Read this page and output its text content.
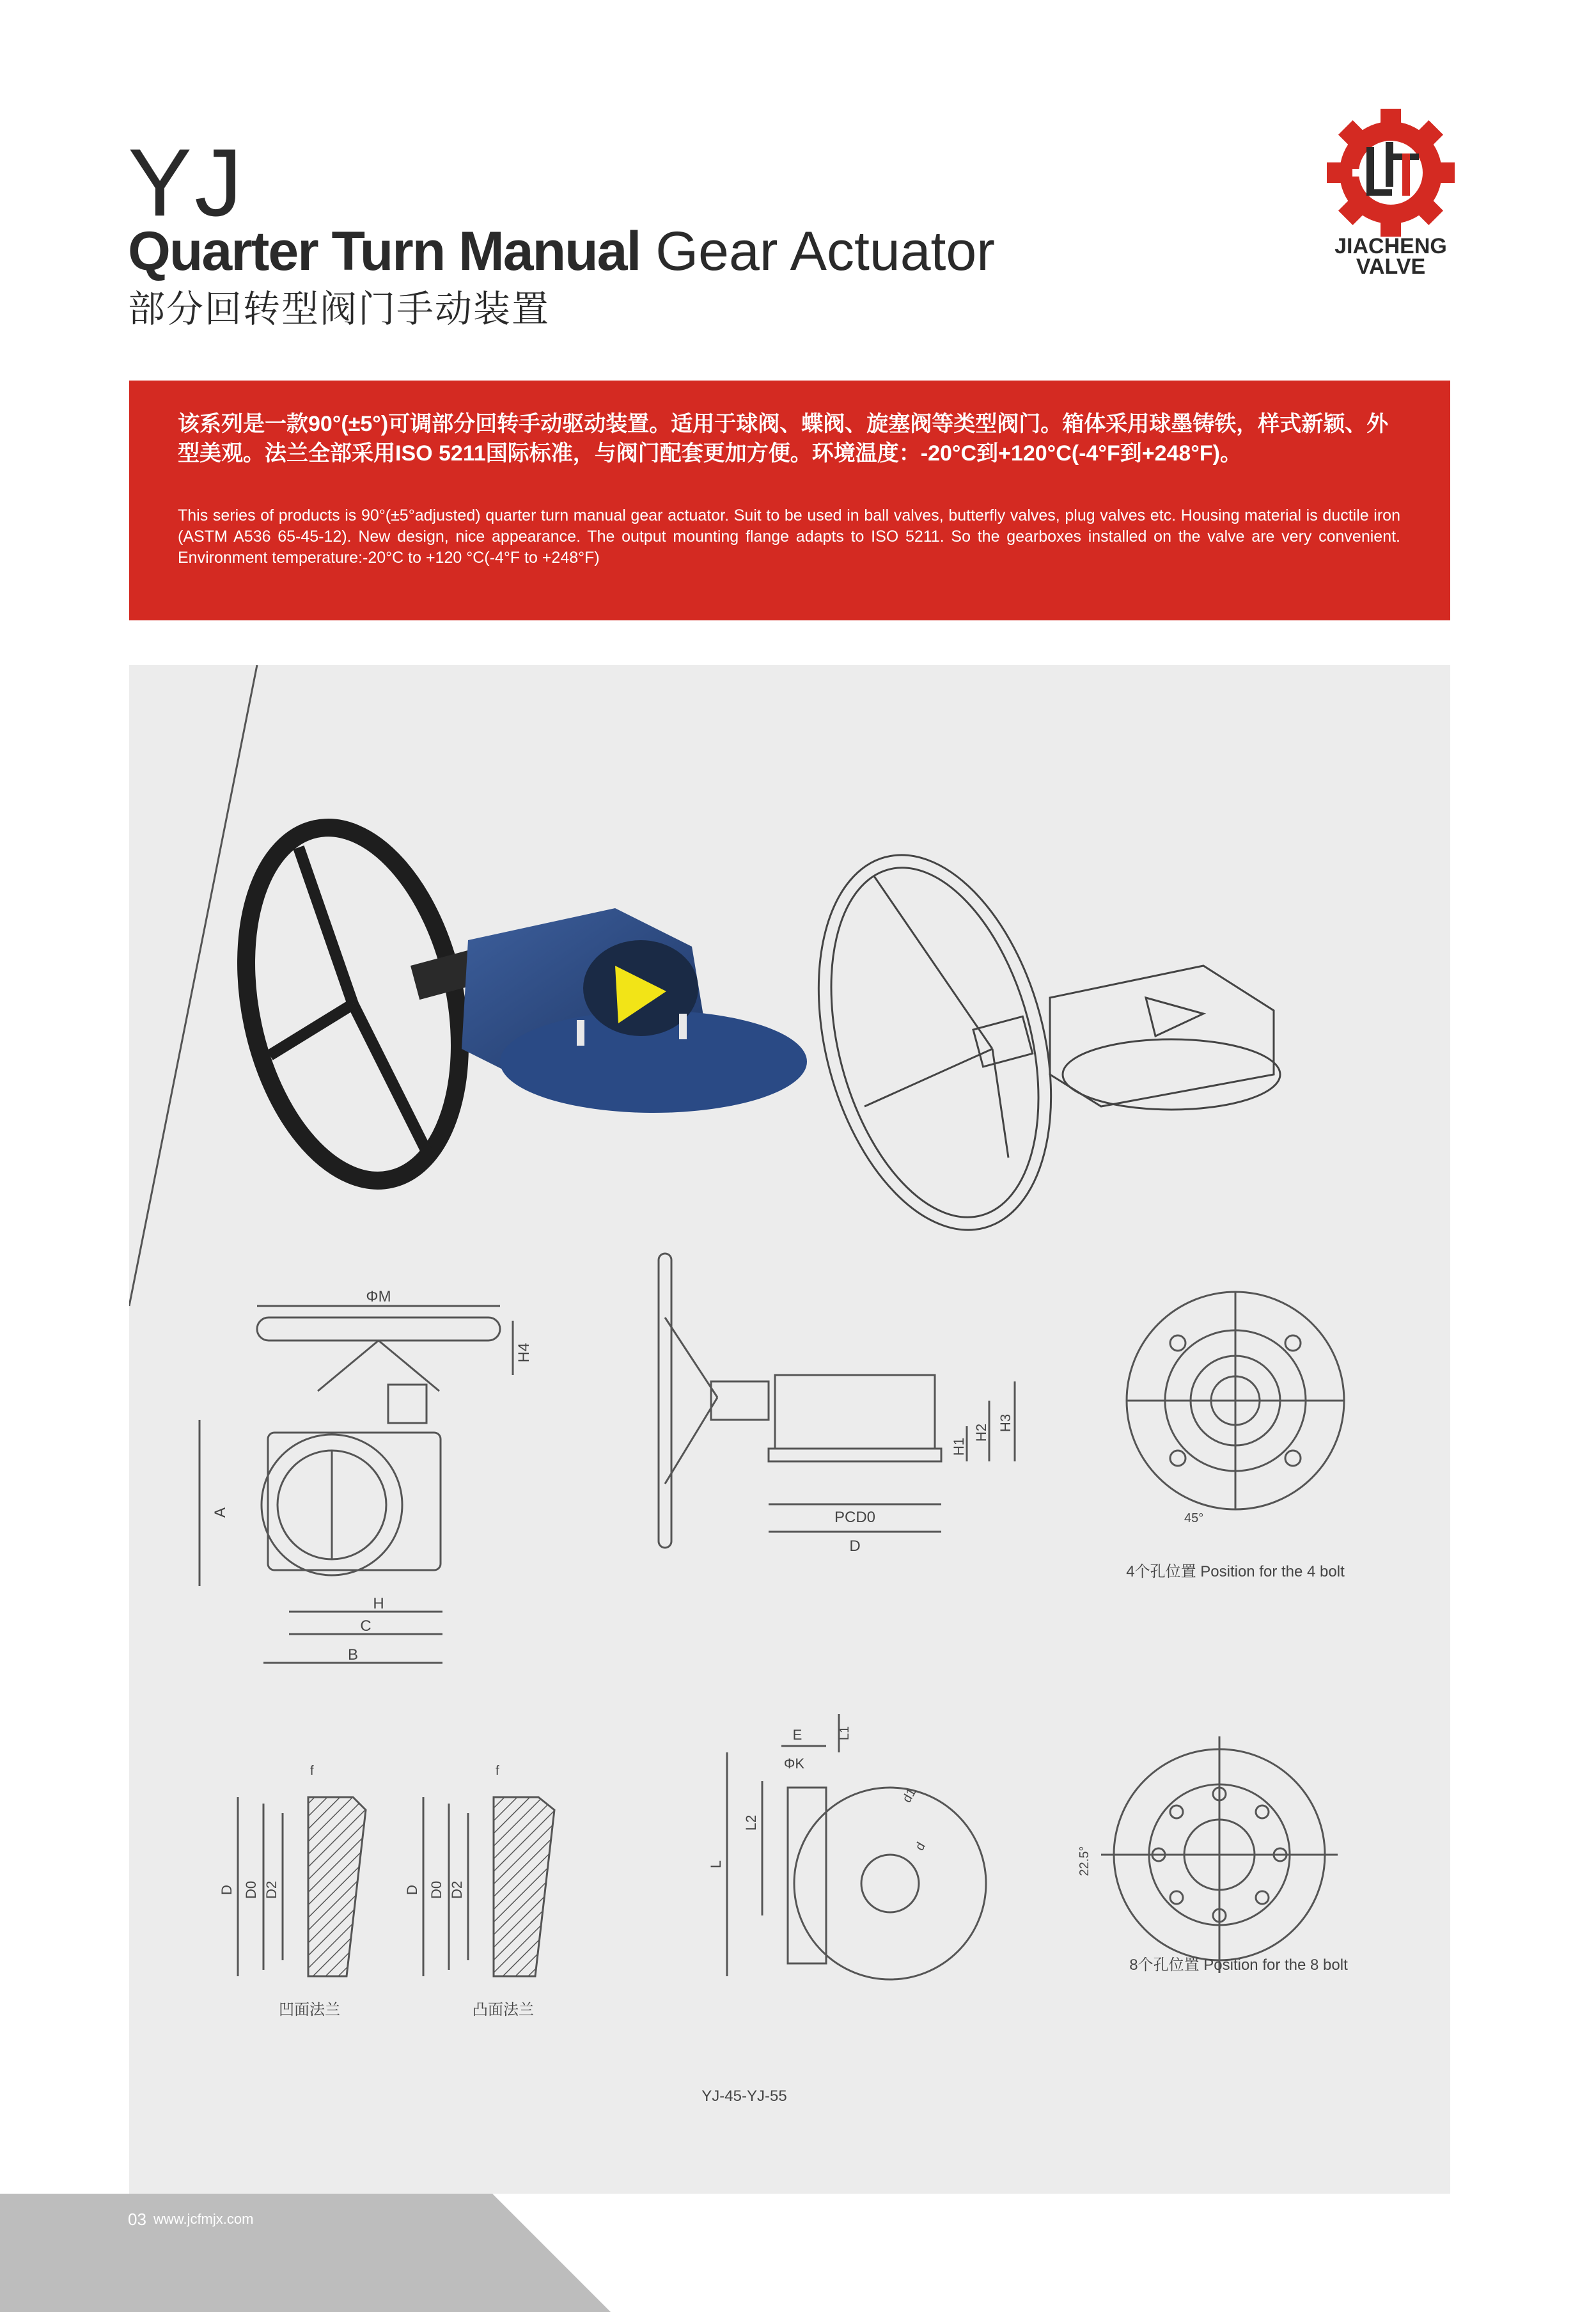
YJ
Quarter Turn Manual Gear Actuator
部分回转型阀门手动装置
JIACHENG
VALVE
该系列是一款90°(±5°)可调部分回转手动驱动装置。适用于球阀、蝶阀、旋塞阀等类型阀门。箱体采用球墨铸铁，样式新颖、外型美观。法兰全部采用ISO 5211国际标准，与阀门配套更加方便。环境温度：-20°C到+120°C(-4°F到+248°F)。
This series of products is 90°(±5°adjusted) quarter turn manual gear actuator. Suit to be used in ball valves, butterfly valves, plug valves etc. Housing material is ductile iron (ASTM A536 65-45-12). New design, nice appearance. The output mounting flange adapts to ISO 5211. So the gearboxes installed on the valve are very convenient. Environment temperature:-20°C to +120 °C(-4°F to +248°F)
ΦM
H4
A
H
C
B
PCD0
D
H1
H2
H3
45°
4个孔位置 Position for the 4 bolt
D D0 D2
f
凹面法兰
D D0 D2
f
凸面法兰
E	L1
ΦK
L2
L
d1
d	22.5°
8个孔位置 Position for the 8 bolt
YJ-45-YJ-55
03 www.jcfmjx.com
